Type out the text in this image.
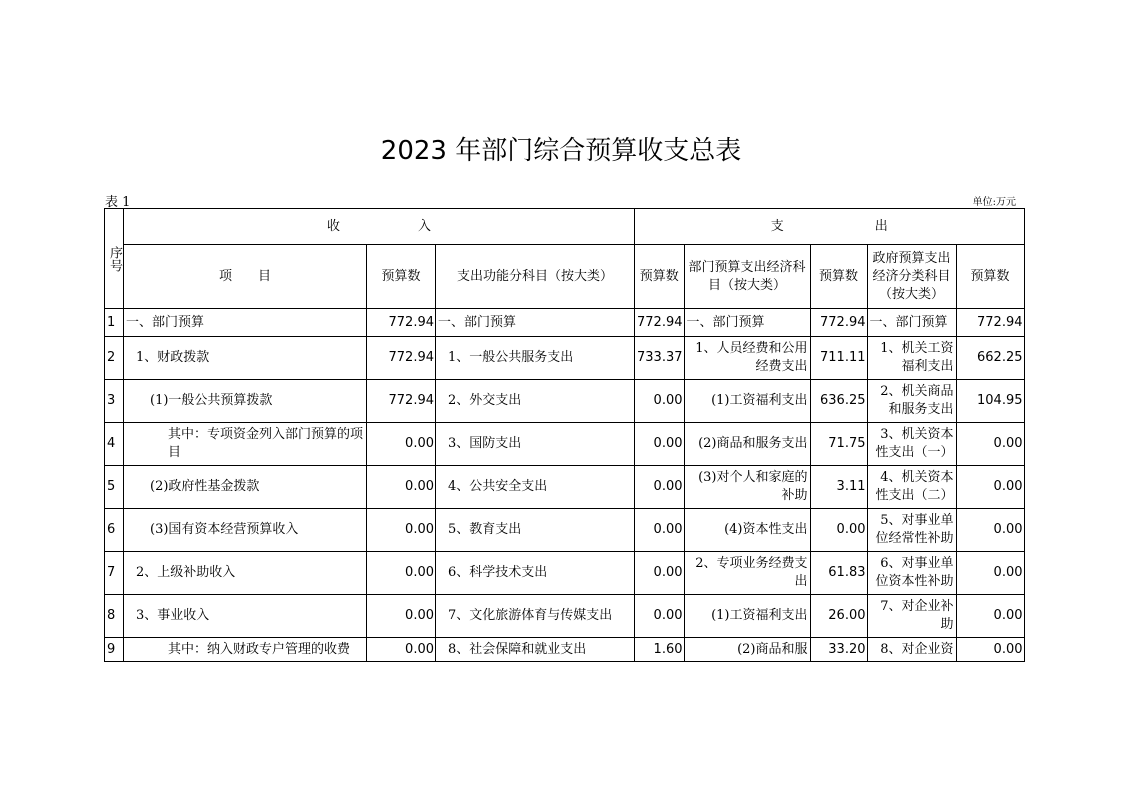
2023 年部门综合预算收支总表
表 1	单位:万元
序号	收　　　　　　入			支　　　　　　　出				
	项　　目	预算数	支出功能分科目（按大类）	预算数	部门预算支出经济科目（按大类）	预算数	政府预算支出经济分类科目（按大类）	预算数
1	一、部门预算	772.94	一、部门预算	772.94	一、部门预算	772.94	一、部门预算	772.94
2	1、财政拨款	772.94	1、一般公共服务支出	733.37	1、人员经费和公用经费支出	711.11	1、机关工资福利支出	662.25
3	(1)一般公共预算拨款	772.94	2、外交支出	0.00	(1)工资福利支出	636.25	2、机关商品和服务支出	104.95
4	其中：专项资金列入部门预算的项目	0.00	3、国防支出	0.00	(2)商品和服务支出	71.75	3、机关资本性支出（一）	0.00
5	(2)政府性基金拨款	0.00	4、公共安全支出	0.00	(3)对个人和家庭的补助	3.11	4、机关资本性支出（二）	0.00
6	(3)国有资本经营预算收入	0.00	5、教育支出	0.00	(4)资本性支出	0.00	5、对事业单位经常性补助	0.00
7	2、上级补助收入	0.00	6、科学技术支出	0.00	2、专项业务经费支出	61.83	6、对事业单位资本性补助	0.00
8	3、事业收入	0.00	7、文化旅游体育与传媒支出	0.00	(1)工资福利支出	26.00	7、对企业补助	0.00
9	其中：纳入财政专户管理的收费	0.00	8、社会保障和就业支出	1.60	(2)商品和服	33.20	8、对企业资	0.00
